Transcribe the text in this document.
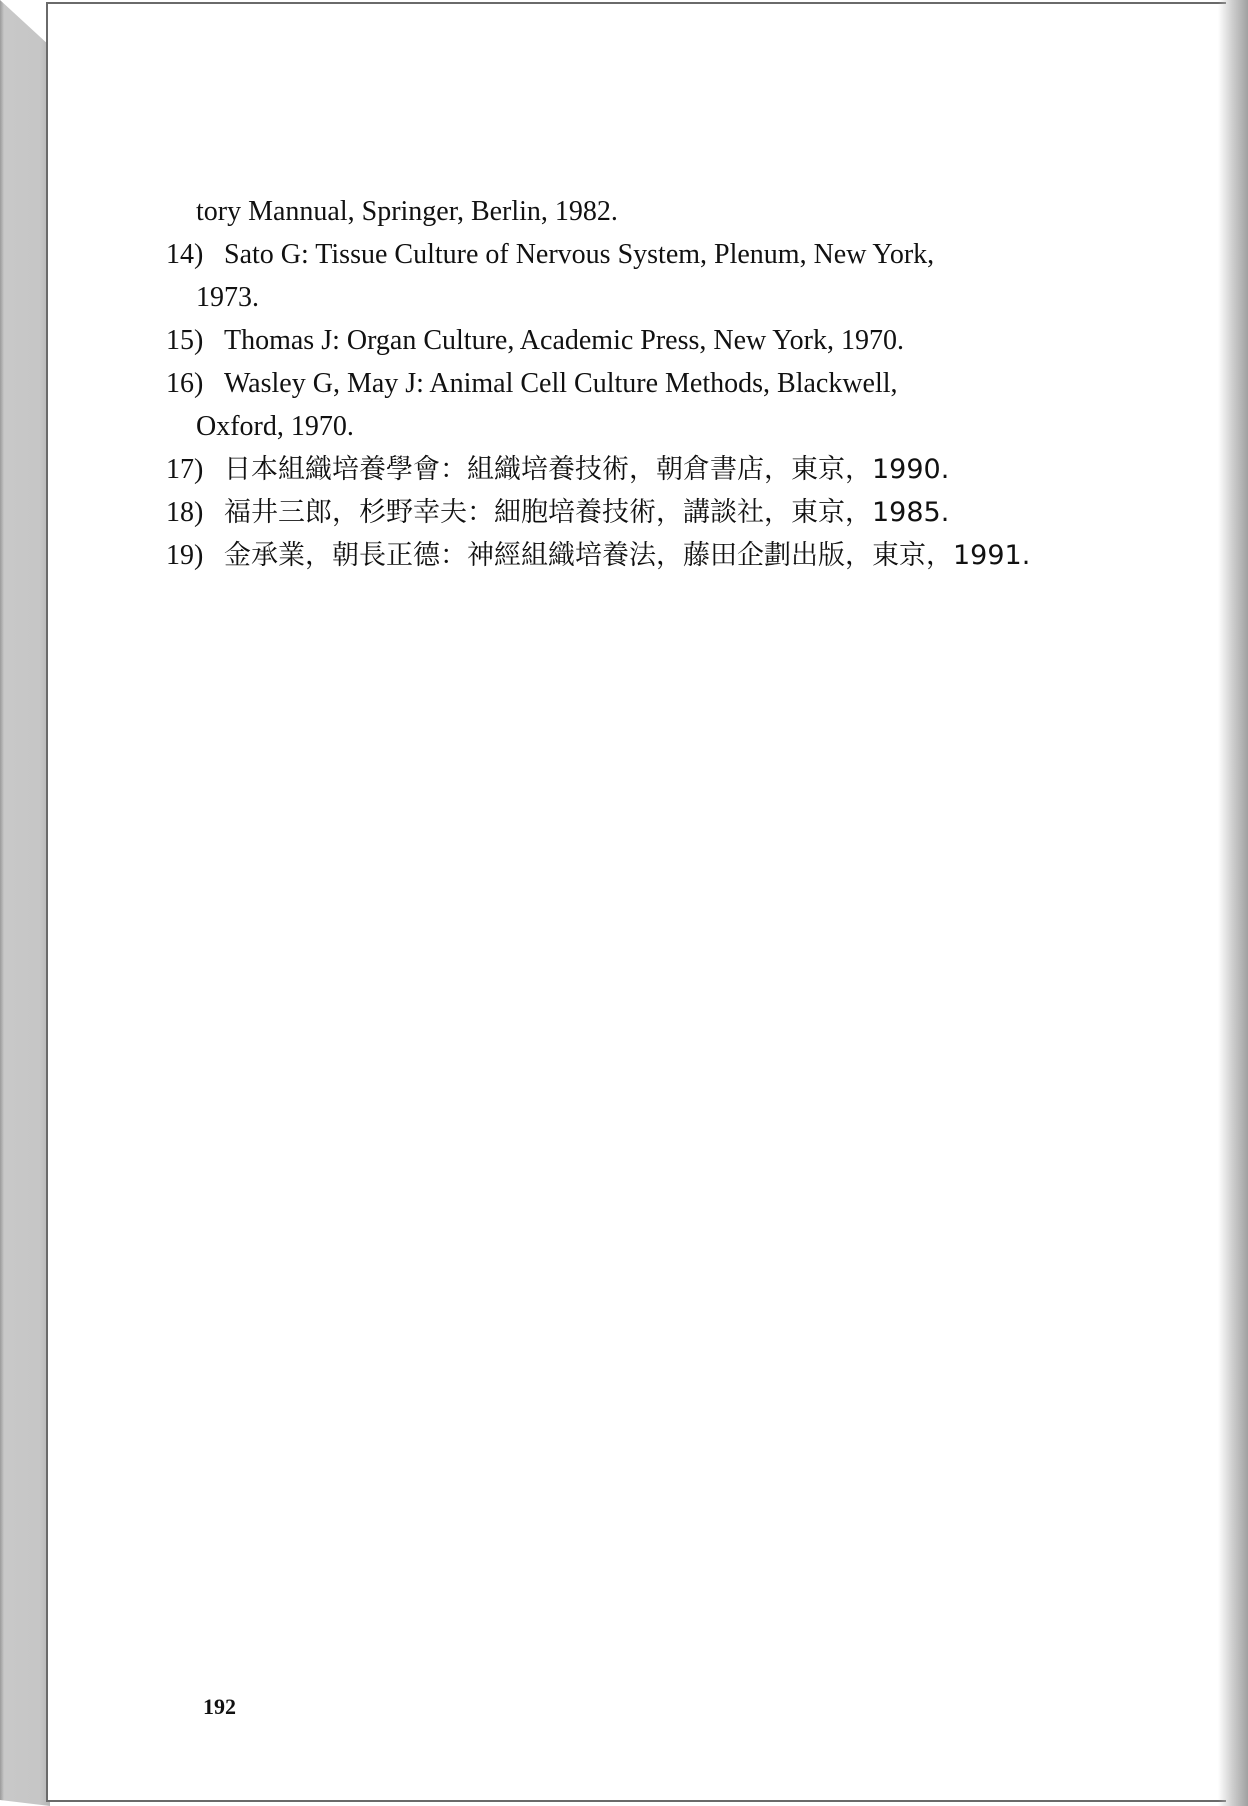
tory Mannual, Springer, Berlin, 1982.
14) Sato G: Tissue Culture of Nervous System, Plenum, New York,
1973.
15) Thomas J: Organ Culture, Academic Press, New York, 1970.
16) Wasley G, May J: Animal Cell Culture Methods, Blackwell,
Oxford, 1970.
17) 日本組織培養學會：組織培養技術，朝倉書店，東京，1990.
18) 福井三郎，杉野幸夫：細胞培養技術，講談社，東京，1985.
19) 金承業，朝長正德：神經組織培養法，藤田企劃出版，東京，1991.
192
